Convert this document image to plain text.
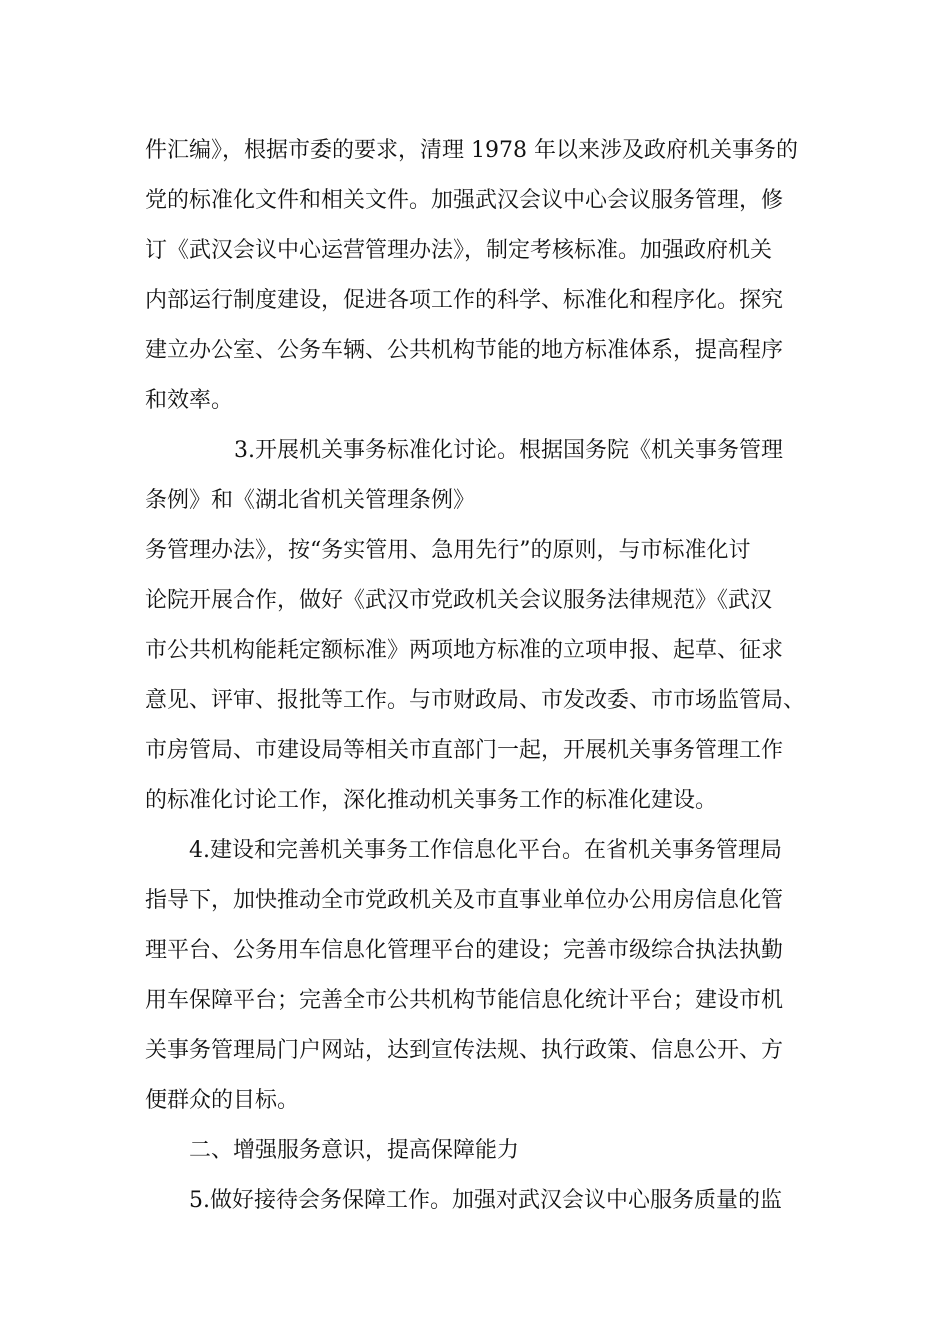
件汇编》，根据市委的要求，清理 1978 年以来涉及政府机关事务的

党的标准化文件和相关文件。加强武汉会议中心会议服务管理，修

订《武汉会议中心运营管理办法》，制定考核标准。加强政府机关

内部运行制度建设，促进各项工作的科学、标准化和程序化。探究

建立办公室、公务车辆、公共机构节能的地方标准体系，提高程序

和效率。

3.开展机关事务标准化讨论。根据国务院《机关事务管理

条例》和《湖北省机关管理条例》

务管理办法》，按“务实管用、急用先行”的原则，与市标准化讨

论院开展合作，做好《武汉市党政机关会议服务法律规范》《武汉

市公共机构能耗定额标准》两项地方标准的立项申报、起草、征求

意见、评审、报批等工作。与市财政局、市发改委、市市场监管局、

市房管局、市建设局等相关市直部门一起，开展机关事务管理工作

的标准化讨论工作，深化推动机关事务工作的标准化建设。

4.建设和完善机关事务工作信息化平台。在省机关事务管理局

指导下，加快推动全市党政机关及市直事业单位办公用房信息化管

理平台、公务用车信息化管理平台的建设；完善市级综合执法执勤

用车保障平台；完善全市公共机构节能信息化统计平台；建设市机

关事务管理局门户网站，达到宣传法规、执行政策、信息公开、方

便群众的目标。

二、增强服务意识，提高保障能力

5.做好接待会务保障工作。加强对武汉会议中心服务质量的监
